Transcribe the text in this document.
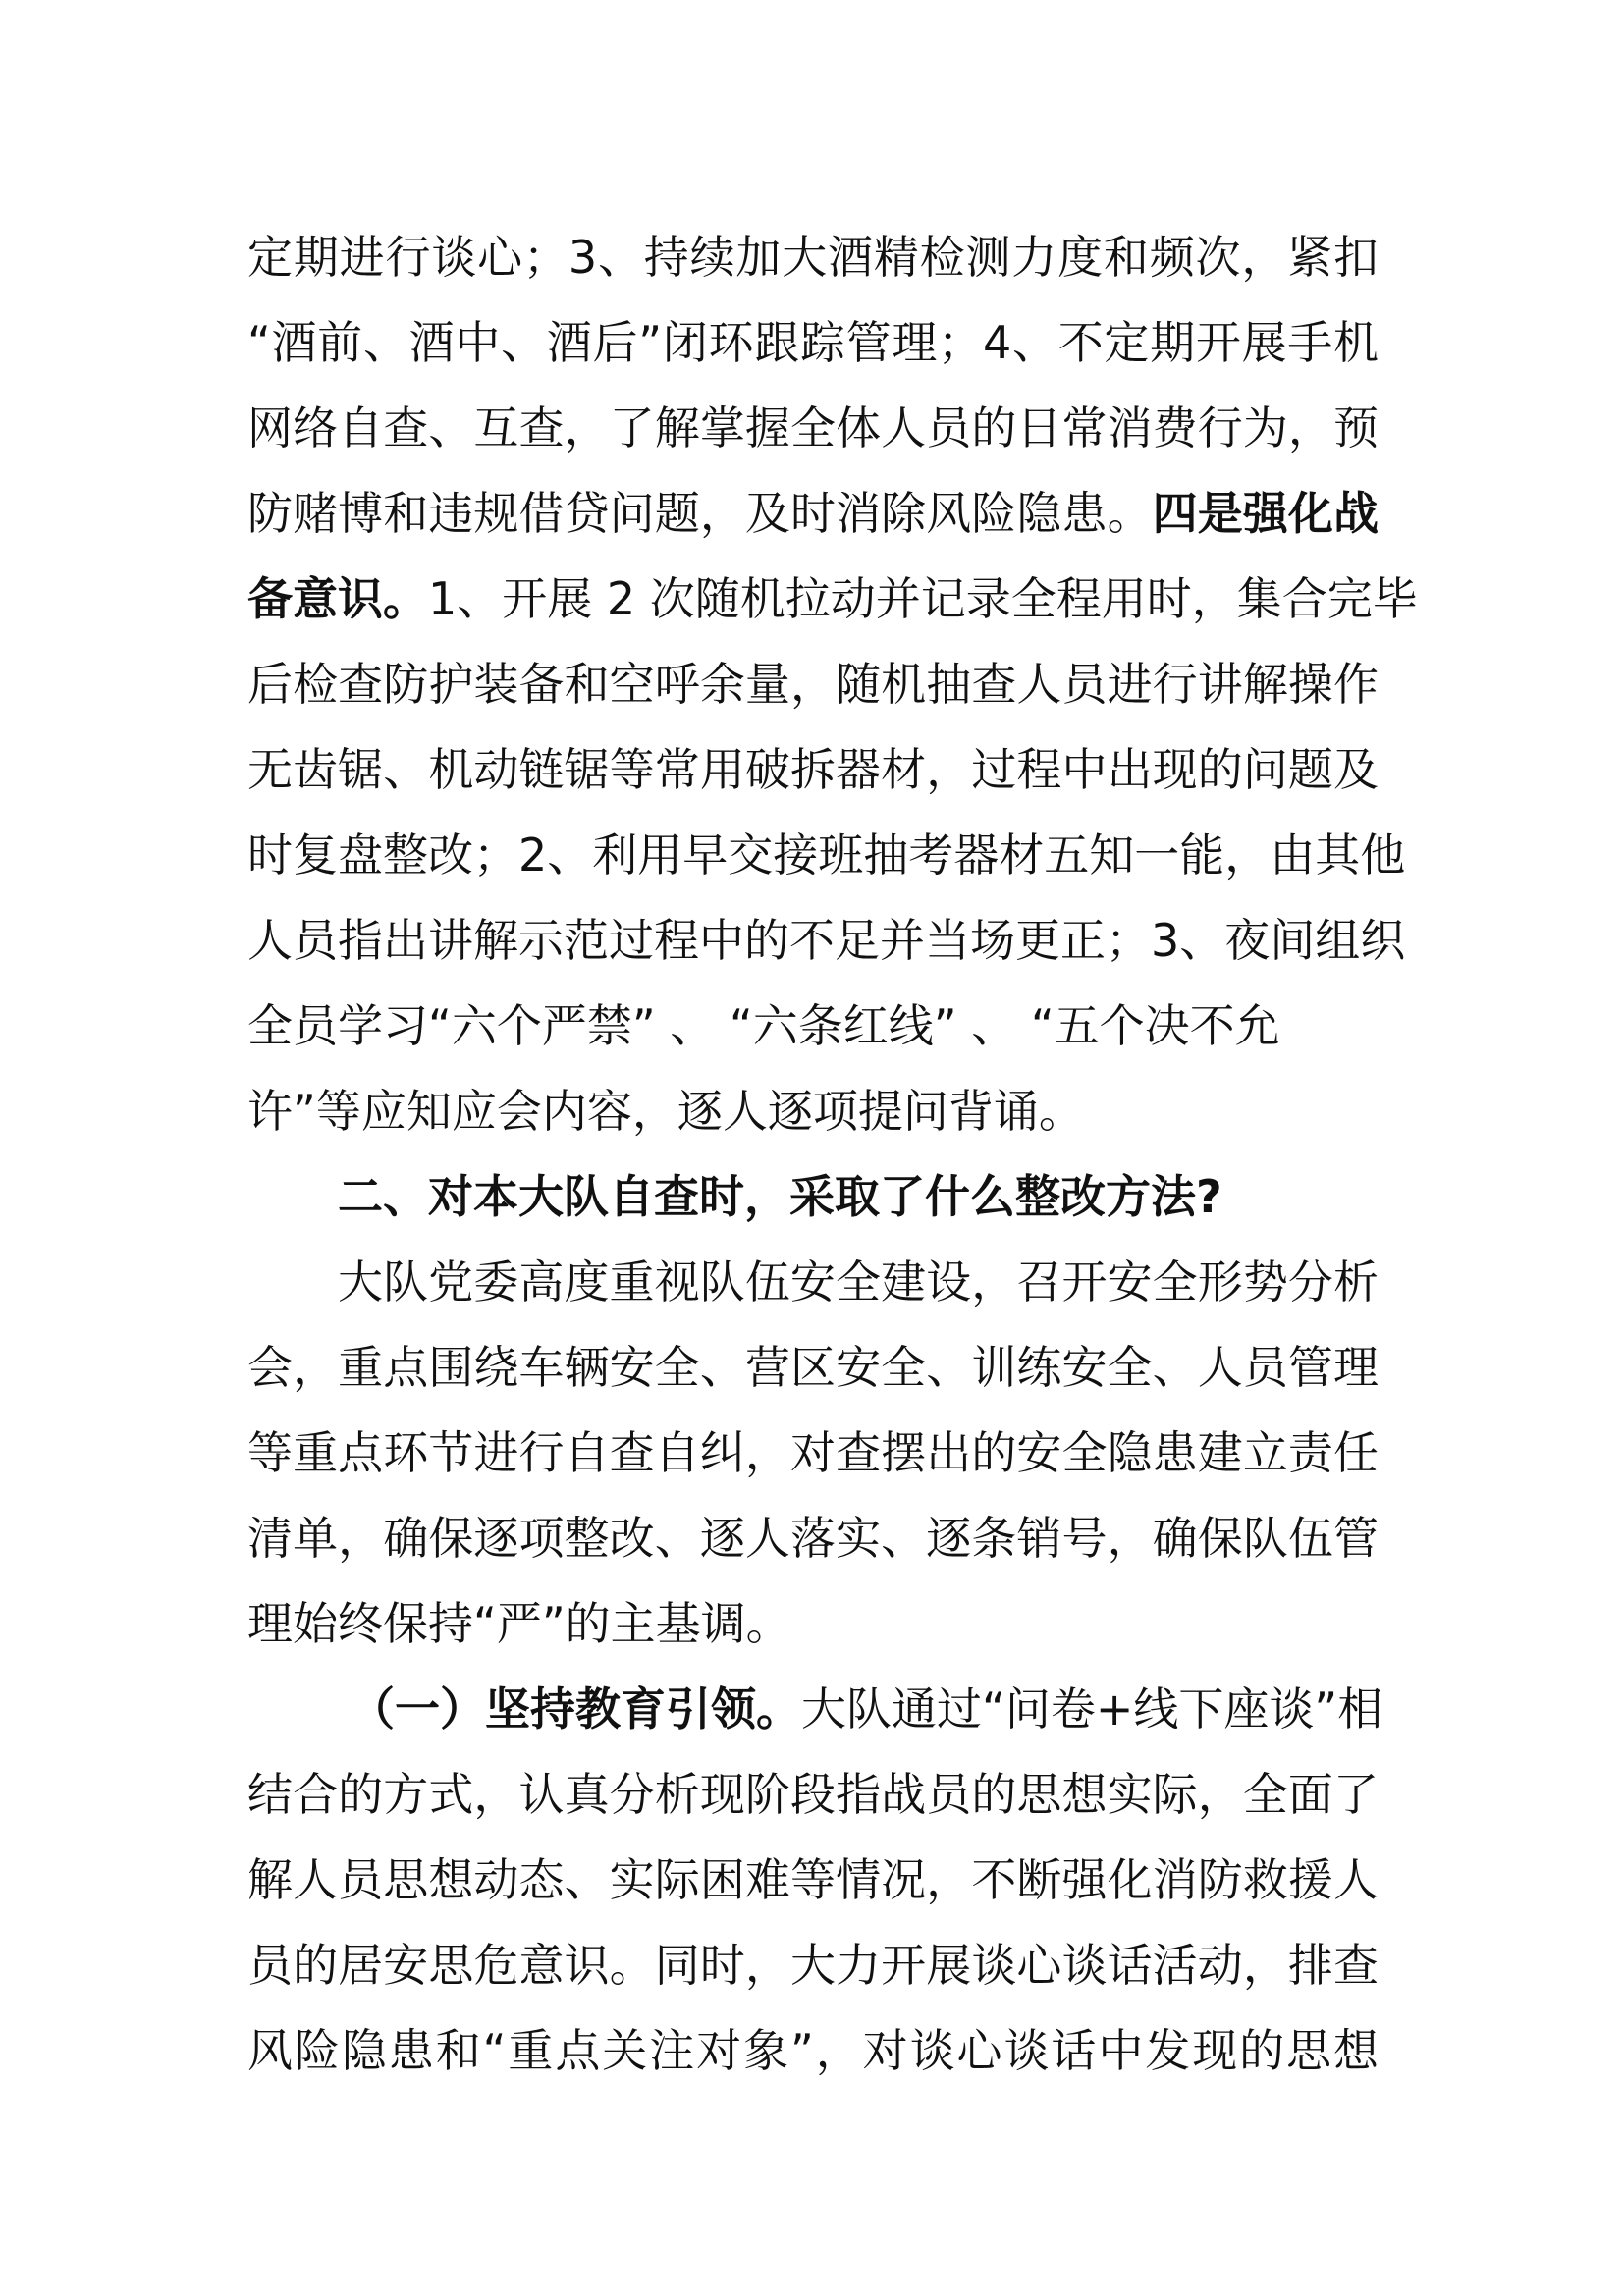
定期进行谈心；3、持续加大酒精检测力度和频次，紧扣
“酒前、酒中、酒后”闭环跟踪管理；4、不定期开展手机
网络自查、互查，了解掌握全体人员的日常消费行为，预
防赌博和违规借贷问题，及时消除风险隐患。四是强化战
备意识。1、开展 2 次随机拉动并记录全程用时，集合完毕
后检查防护装备和空呼余量，随机抽查人员进行讲解操作
无齿锯、机动链锯等常用破拆器材，过程中出现的问题及
时复盘整改；2、利用早交接班抽考器材五知一能，由其他
人员指出讲解示范过程中的不足并当场更正；3、夜间组织
全员学习“六个严禁” 、 “六条红线” 、 “五个决不允
许”等应知应会内容，逐人逐项提问背诵。
二、对本大队自查时，采取了什么整改方法?
大队党委高度重视队伍安全建设，召开安全形势分析
会，重点围绕车辆安全、营区安全、训练安全、人员管理
等重点环节进行自查自纠，对查摆出的安全隐患建立责任
清单，确保逐项整改、逐人落实、逐条销号，确保队伍管
理始终保持“严”的主基调。
（一）坚持教育引领。大队通过“问卷+线下座谈”相
结合的方式，认真分析现阶段指战员的思想实际，全面了
解人员思想动态、实际困难等情况，不断强化消防救援人
员的居安思危意识。同时，大力开展谈心谈话活动，排查
风险隐患和“重点关注对象”，对谈心谈话中发现的思想
